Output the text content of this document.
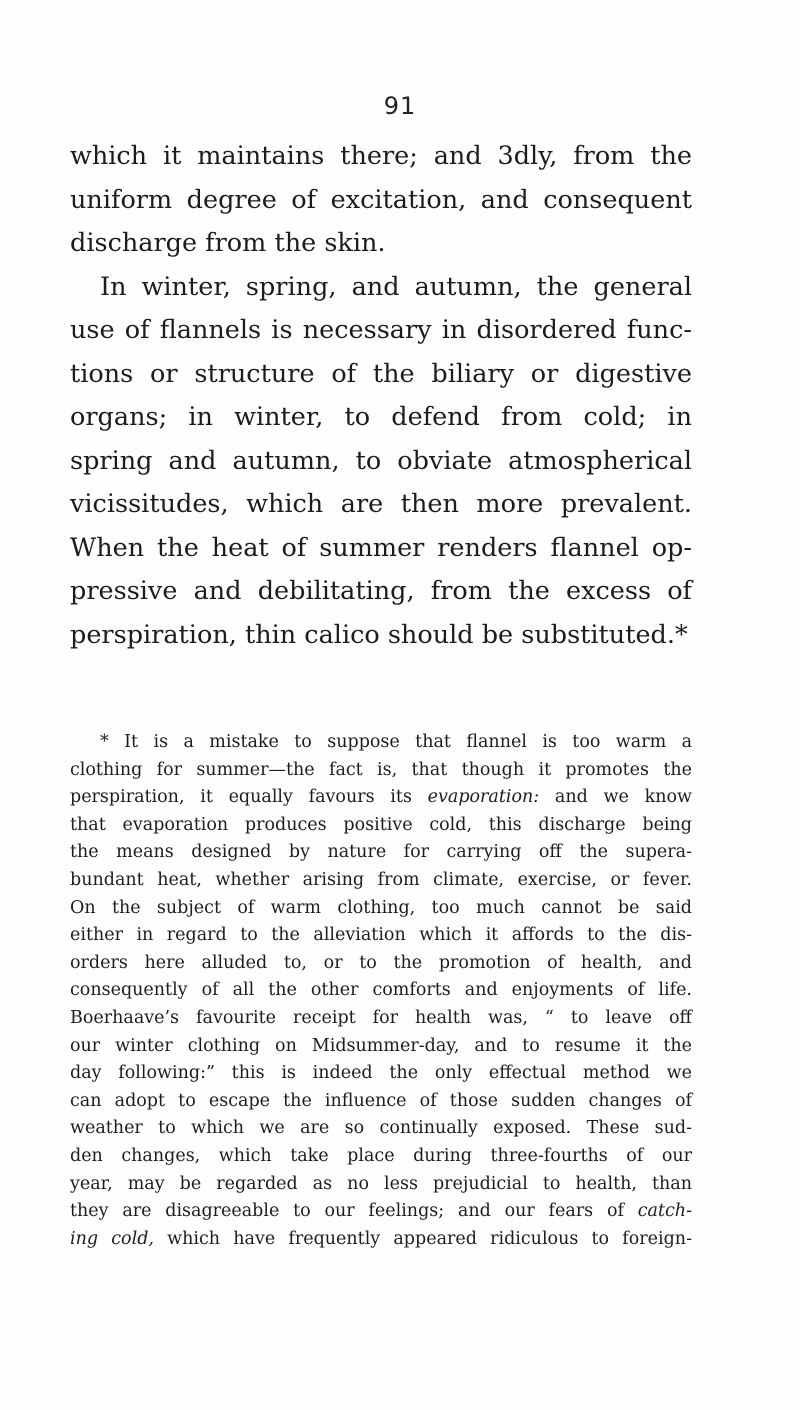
91
which it maintains there; and 3dly, from the
uniform degree of excitation, and consequent
discharge from the skin.
In winter, spring, and autumn, the general
use of flannels is necessary in disordered func-
tions or structure of the biliary or digestive
organs; in winter, to defend from cold; in
spring and autumn, to obviate atmospherical
vicissitudes, which are then more prevalent.
When the heat of summer renders flannel op-
pressive and debilitating, from the excess of
perspiration, thin calico should be substituted.*
* It is a mistake to suppose that flannel is too warm a
clothing for summer—the fact is, that though it promotes the
perspiration, it equally favours its evaporation: and we know
that evaporation produces positive cold, this discharge being
the means designed by nature for carrying off the supera-
bundant heat, whether arising from climate, exercise, or fever.
On the subject of warm clothing, too much cannot be said
either in regard to the alleviation which it affords to the dis-
orders here alluded to, or to the promotion of health, and
consequently of all the other comforts and enjoyments of life.
Boerhaave’s favourite receipt for health was, “ to leave off
our winter clothing on Midsummer-day, and to resume it the
day following:” this is indeed the only effectual method we
can adopt to escape the influence of those sudden changes of
weather to which we are so continually exposed. These sud-
den changes, which take place during three-fourths of our
year, may be regarded as no less prejudicial to health, than
they are disagreeable to our feelings; and our fears of catch-
ing cold, which have frequently appeared ridiculous to foreign-
